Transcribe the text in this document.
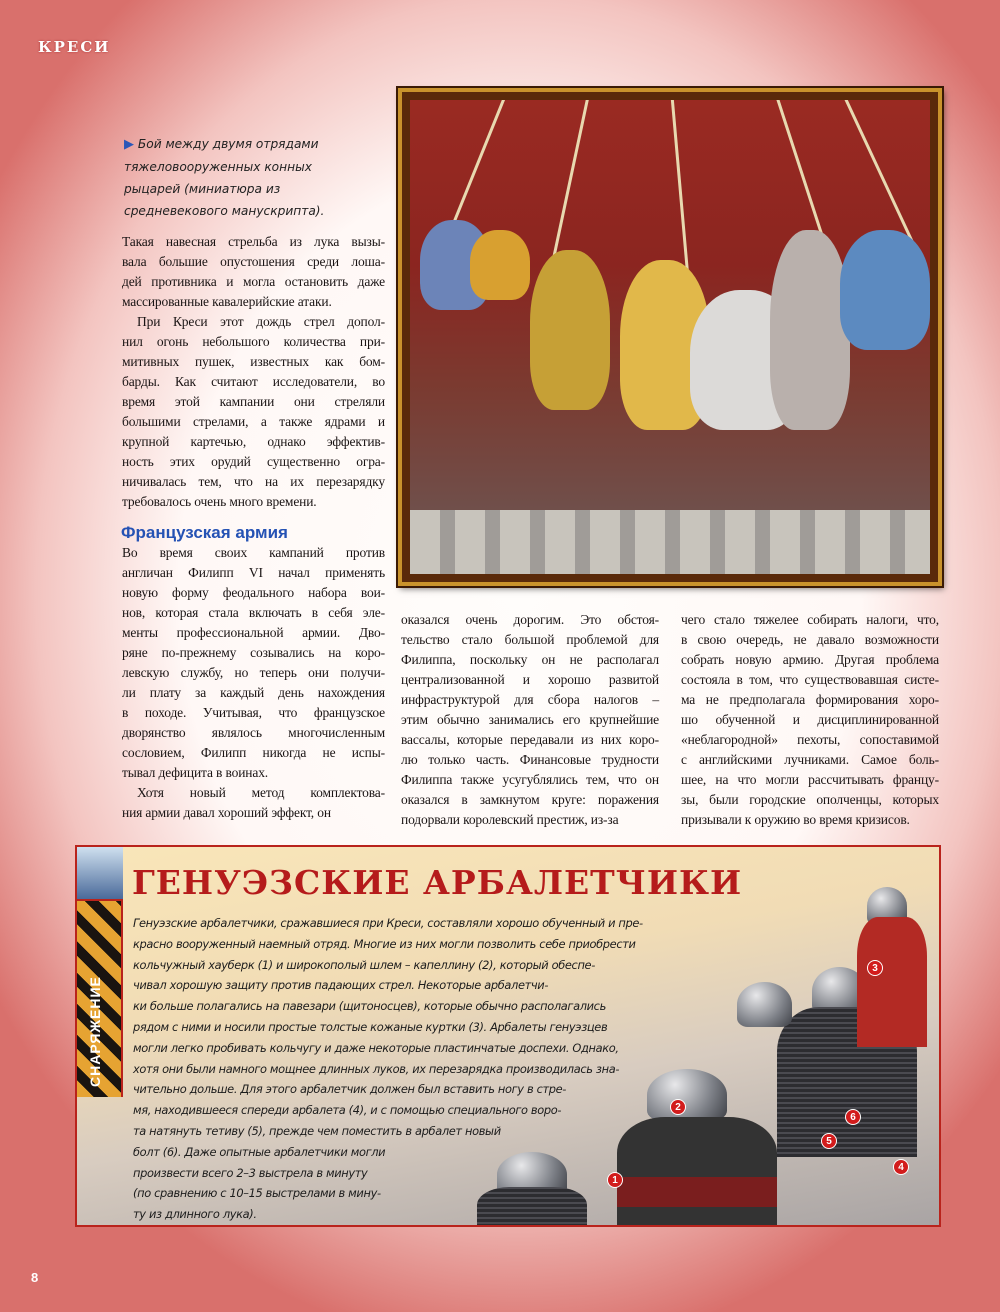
КРЕСИ
▶ Бой между двумя отрядами
тяжеловооруженных конных
рыцарей (миниатюра из
средневекового манускрипта).
Такая навесная стрельба из лука вызы-
вала большие опустошения среди лоша-
дей противника и могла остановить даже
массированные кавалерийские атаки.
При Креси этот дождь стрел допол-
нил огонь небольшого количества при-
митивных пушек, известных как бом-
барды. Как считают исследователи, во
время этой кампании они стреляли
большими стрелами, а также ядрами и
крупной картечью, однако эффектив-
ность этих орудий существенно огра-
ничивалась тем, что на их перезарядку
требовалось очень много времени.
Французская армия
Во время своих кампаний против
англичан Филипп VI начал применять
новую форму феодального набора вои-
нов, которая стала включать в себя эле-
менты профессиональной армии. Дво-
ряне по-прежнему созывались на коро-
левскую службу, но теперь они получи-
ли плату за каждый день нахождения
в походе. Учитывая, что французское
дворянство являлось многочисленным
сословием, Филипп никогда не испы-
тывал дефицита в воинах.
Хотя новый метод комплектова-
ния армии давал хороший эффект, он
оказался очень дорогим. Это обстоя-
тельство стало большой проблемой для
Филиппа, поскольку он не располагал
централизованной и хорошо развитой
инфраструктурой для сбора налогов –
этим обычно занимались его крупнейшие
вассалы, которые передавали из них коро-
лю только часть. Финансовые трудности
Филиппа также усугублялись тем, что он
оказался в замкнутом круге: поражения
подорвали королевский престиж, из-за
чего стало тяжелее собирать налоги, что,
в свою очередь, не давало возможности
собрать новую армию. Другая проблема
состояла в том, что существовавшая систе-
ма не предполагала формирования хоро-
шо обученной и дисциплинированной
«неблагородной» пехоты, сопоставимой
с английскими лучниками. Самое боль-
шее, на что могли рассчитывать францу-
зы, были городские ополченцы, которых
призывали к оружию во время кризисов.
СНАРЯЖЕНИЕ
1
2
3
4
5
6
ГЕНУЭЗСКИЕ АРБАЛЕТЧИКИ
Генуэзские арбалетчики, сражавшиеся при Креси, составляли хорошо обученный и пре-
красно вооруженный наемный отряд. Многие из них могли позволить себе приобрести
кольчужный хауберк (1) и широкополый шлем – капеллину (2), который обеспе-
чивал хорошую защиту против падающих стрел. Некоторые арбалетчи-
ки больше полагались на павезари (щитоносцев), которые обычно располагались
рядом с ними и носили простые толстые кожаные куртки (3). Арбалеты генуэзцев
могли легко пробивать кольчугу и даже некоторые пластинчатые доспехи. Однако,
хотя они были намного мощнее длинных луков, их перезарядка производилась зна-
чительно дольше. Для этого арбалетчик должен был вставить ногу в стре-
мя, находившееся спереди арбалета (4), и с помощью специального воро-
та натянуть тетиву (5), прежде чем поместить в арбалет новый
болт (6). Даже опытные арбалетчики могли
произвести всего 2–3 выстрела в минуту
(по сравнению с 10–15 выстрелами в мину-
ту из длинного лука).
8
